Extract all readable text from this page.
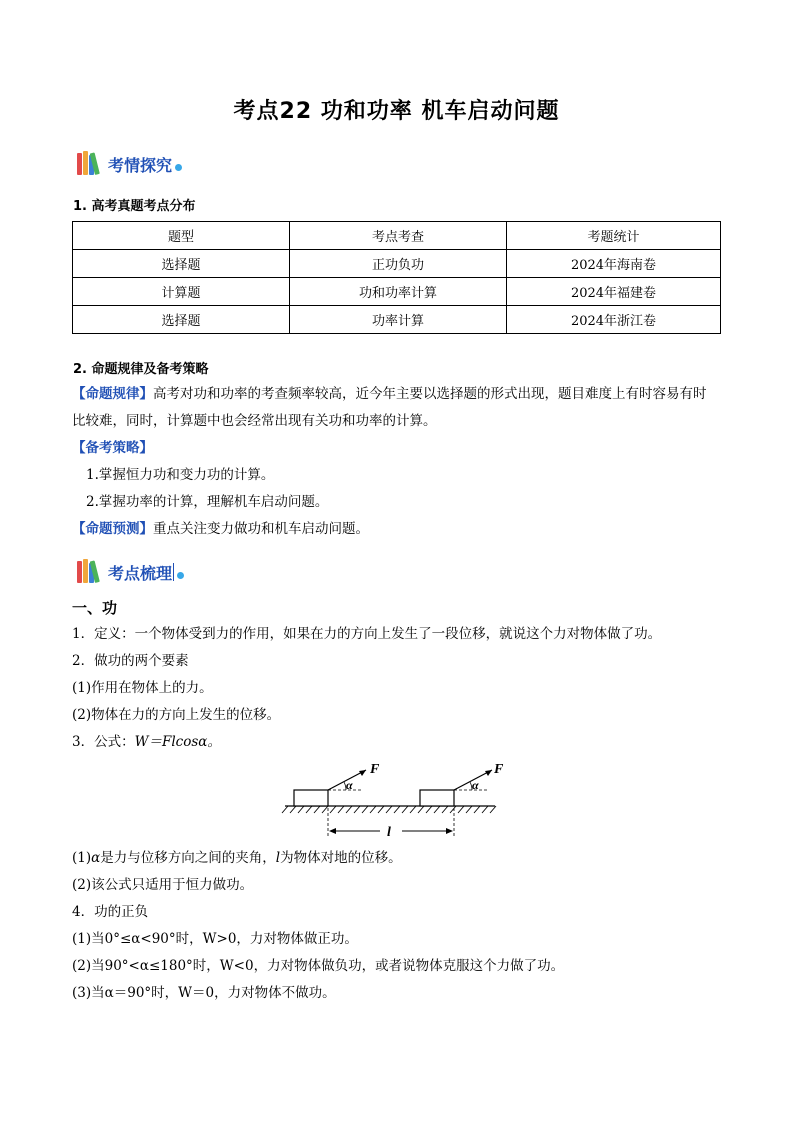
考点22 功和功率 机车启动问题
考情探究
1. 高考真题考点分布
题型	考点考查	考题统计
选择题	正功负功	2024年海南卷
计算题	功和功率计算	2024年福建卷
选择题	功率计算	2024年浙江卷
2. 命题规律及备考策略
【命题规律】高考对功和功率的考查频率较高，近今年主要以选择题的形式出现，题目难度上有时容易有时
比较难，同时，计算题中也会经常出现有关功和功率的计算。
【备考策略】
1.掌握恒力功和变力功的计算。
2.掌握功率的计算，理解机车启动问题。
【命题预测】重点关注变力做功和机车启动问题。
考点梳理
一、功
1．定义：一个物体受到力的作用，如果在力的方向上发生了一段位移，就说这个力对物体做了功。
2．做功的两个要素
(1)作用在物体上的力。
(2)物体在力的方向上发生的位移。
3．公式：W＝Flcosα。
F
α
F
α
l
(1)α是力与位移方向之间的夹角，l为物体对地的位移。
(2)该公式只适用于恒力做功。
4．功的正负
(1)当0°≤α<90°时，W>0，力对物体做正功。
(2)当90°<α≤180°时，W<0，力对物体做负功，或者说物体克服这个力做了功。
(3)当α＝90°时，W＝0，力对物体不做功。
